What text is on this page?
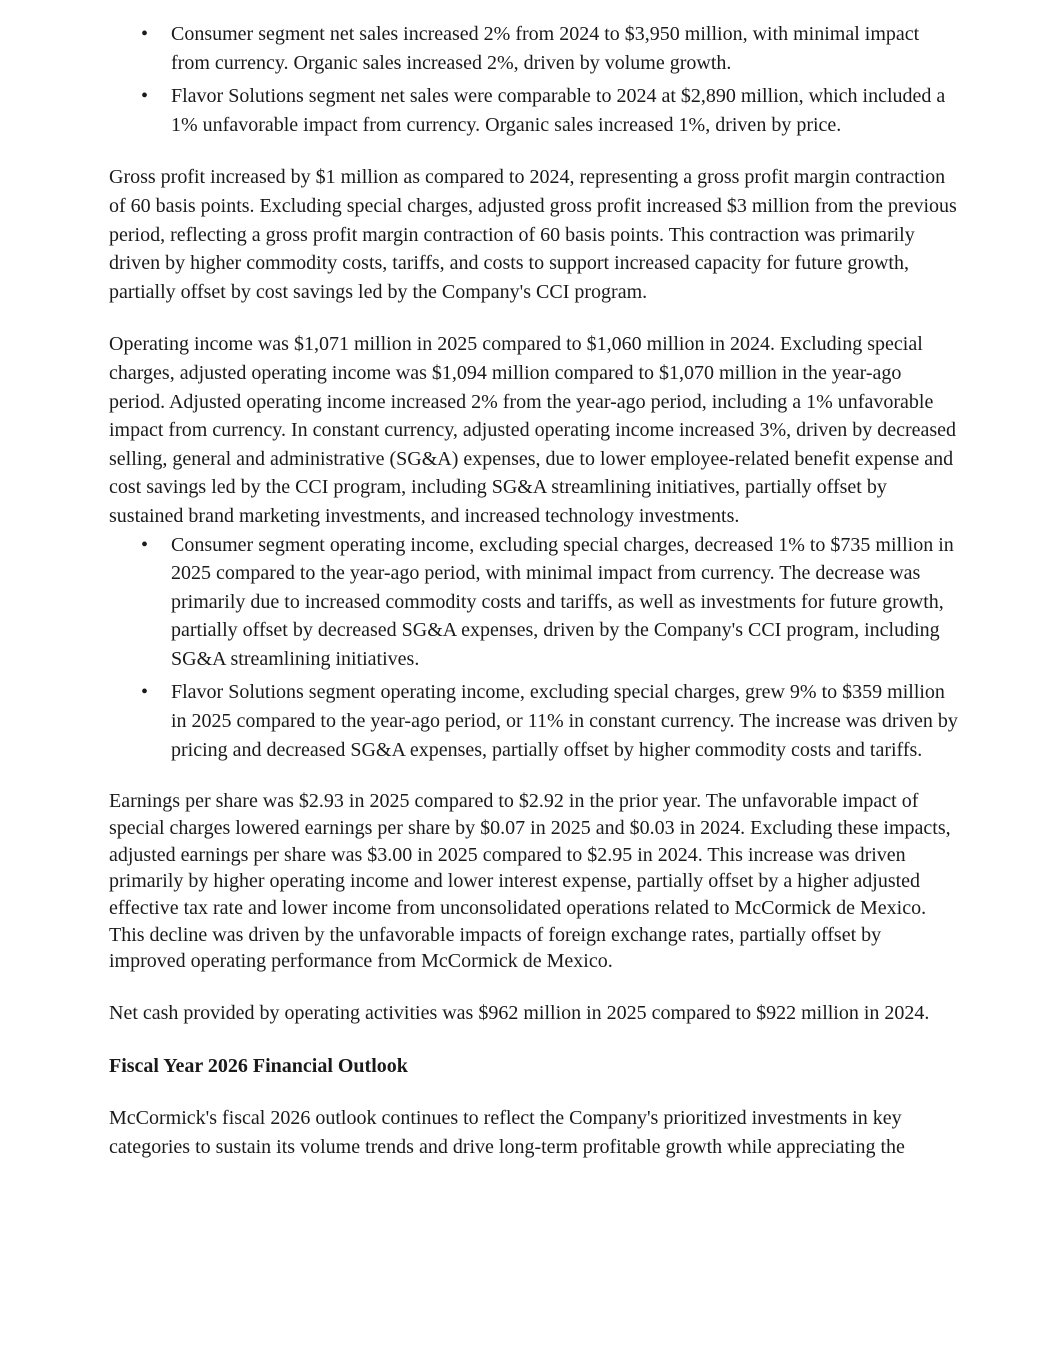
• Consumer segment net sales increased 2% from 2024 to $3,950 million, with minimal impact from currency. Organic sales increased 2%, driven by volume growth.
• Flavor Solutions segment net sales were comparable to 2024 at $2,890 million, which included a 1% unfavorable impact from currency. Organic sales increased 1%, driven by price.

Gross profit increased by $1 million as compared to 2024, representing a gross profit margin contraction of 60 basis points. Excluding special charges, adjusted gross profit increased $3 million from the previous period, reflecting a gross profit margin contraction of 60 basis points. This contraction was primarily driven by higher commodity costs, tariffs, and costs to support increased capacity for future growth, partially offset by cost savings led by the Company's CCI program.

Operating income was $1,071 million in 2025 compared to $1,060 million in 2024. Excluding special charges, adjusted operating income was $1,094 million compared to $1,070 million in the year-ago period. Adjusted operating income increased 2% from the year-ago period, including a 1% unfavorable impact from currency. In constant currency, adjusted operating income increased 3%, driven by decreased selling, general and administrative (SG&A) expenses, due to lower employee-related benefit expense and cost savings led by the CCI program, including SG&A streamlining initiatives, partially offset by sustained brand marketing investments, and increased technology investments.

• Consumer segment operating income, excluding special charges, decreased 1% to $735 million in 2025 compared to the year-ago period, with minimal impact from currency. The decrease was primarily due to increased commodity costs and tariffs, as well as investments for future growth, partially offset by decreased SG&A expenses, driven by the Company's CCI program, including SG&A streamlining initiatives.
• Flavor Solutions segment operating income, excluding special charges, grew 9% to $359 million in 2025 compared to the year-ago period, or 11% in constant currency. The increase was driven by pricing and decreased SG&A expenses, partially offset by higher commodity costs and tariffs.

Earnings per share was $2.93 in 2025 compared to $2.92 in the prior year. The unfavorable impact of special charges lowered earnings per share by $0.07 in 2025 and $0.03 in 2024. Excluding these impacts, adjusted earnings per share was $3.00 in 2025 compared to $2.95 in 2024. This increase was driven primarily by higher operating income and lower interest expense, partially offset by a higher adjusted effective tax rate and lower income from unconsolidated operations related to McCormick de Mexico. This decline was driven by the unfavorable impacts of foreign exchange rates, partially offset by improved operating performance from McCormick de Mexico.

Net cash provided by operating activities was $962 million in 2025 compared to $922 million in 2024.

Fiscal Year 2026 Financial Outlook

McCormick's fiscal 2026 outlook continues to reflect the Company's prioritized investments in key categories to sustain its volume trends and drive long-term profitable growth while appreciating the
